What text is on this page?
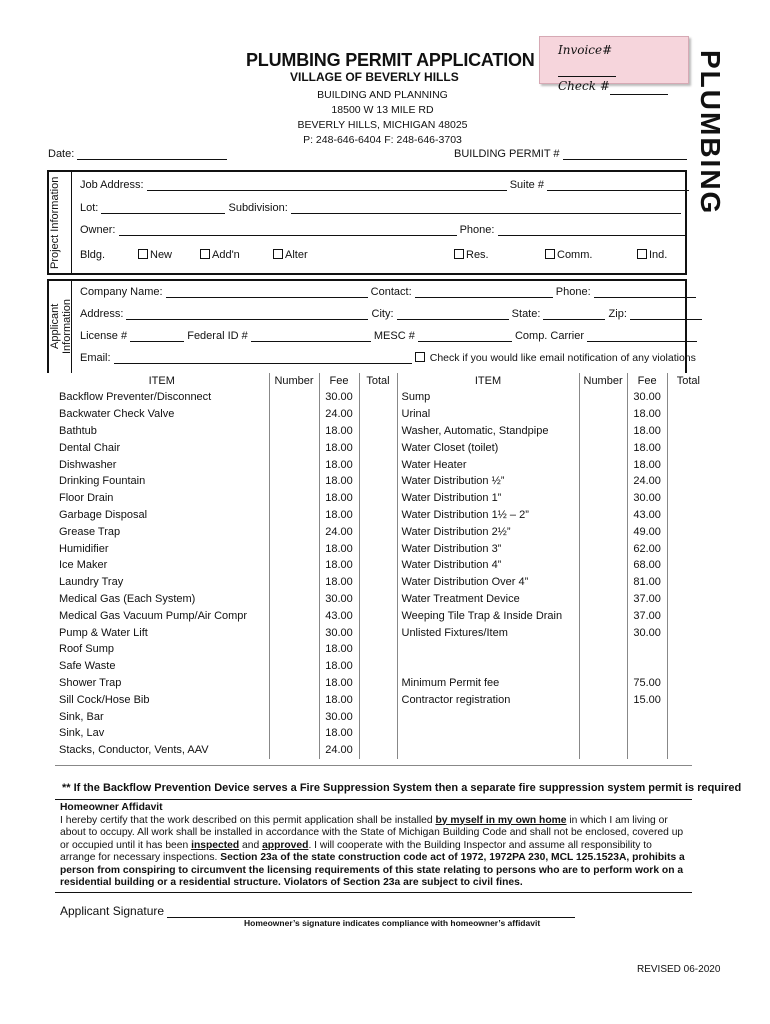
PLUMBING PERMIT APPLICATION
VILLAGE OF BEVERLY HILLS
BUILDING AND PLANNING
18500 W 13 MILE RD
BEVERLY HILLS, MICHIGAN 48025
P: 248-646-6404 F: 248-646-3703
Invoice#
Check #	PLUMBING
Date:	BUILDING PERMIT #
Project Information	Job Address:	Suite #
Lot:	Subdivision:
Owner:	Phone:
Bldg.	New	Add'n	Alter	Res.	Comm.	Ind.
Applicant Information
Company Name:	Contact:	Phone:
Address:	City:	State:	Zip:
License #	Federal ID #	MESC #	Comp. Carrier
Email:	Check if you would like email notification of any violations
ITEM	Number	Fee	Total	ITEM	Number	Fee	Total
Backflow Preventer/Disconnect		30.00		Sump		30.00	
Backwater Check Valve		24.00		Urinal		18.00	
Bathtub		18.00		Washer, Automatic, Standpipe		18.00	
Dental Chair		18.00		Water Closet (toilet)		18.00	
Dishwasher		18.00		Water Heater		18.00	
Drinking Fountain		18.00		Water Distribution ½”		24.00	
Floor Drain		18.00		Water Distribution 1”		30.00	
Garbage Disposal		18.00		Water Distribution 1½ – 2”		43.00	
Grease Trap		24.00		Water Distribution 2½”		49.00	
Humidifier		18.00		Water Distribution 3”		62.00	
Ice Maker		18.00		Water Distribution 4”		68.00	
Laundry Tray		18.00		Water Distribution Over 4”		81.00	
Medical Gas (Each System)		30.00		Water Treatment Device		37.00	
Medical Gas Vacuum Pump/Air Compr		43.00		Weeping Tile Trap & Inside Drain		37.00	
Pump & Water Lift		30.00		Unlisted Fixtures/Item		30.00	
Roof Sump		18.00					
Safe Waste		18.00					
Shower Trap		18.00		Minimum Permit fee		75.00	
Sill Cock/Hose Bib		18.00		Contractor registration		15.00	
Sink, Bar		30.00					
Sink, Lav		18.00					
Stacks, Conductor, Vents, AAV		24.00					
** If the Backflow Prevention Device serves a Fire Suppression System then a separate fire suppression system permit is required
Homeowner Affidavit
I hereby certify that the work described on this permit application shall be installed by myself in my own home in which I am living or about to occupy. All work shall be installed in accordance with the State of Michigan Building Code and shall not be enclosed, covered up or occupied until it has been inspected and approved. I will cooperate with the Building Inspector and assume all responsibility to arrange for necessary inspections. Section 23a of the state construction code act of 1972, 1972PA 230, MCL 125.1523A, prohibits a person from conspiring to circumvent the licensing requirements of this state relating to persons who are to perform work on a residential building or a residential structure. Violators of Section 23a are subject to civil fines.
Applicant Signature
Homeowner’s signature indicates compliance with homeowner’s affidavit
REVISED 06-2020
